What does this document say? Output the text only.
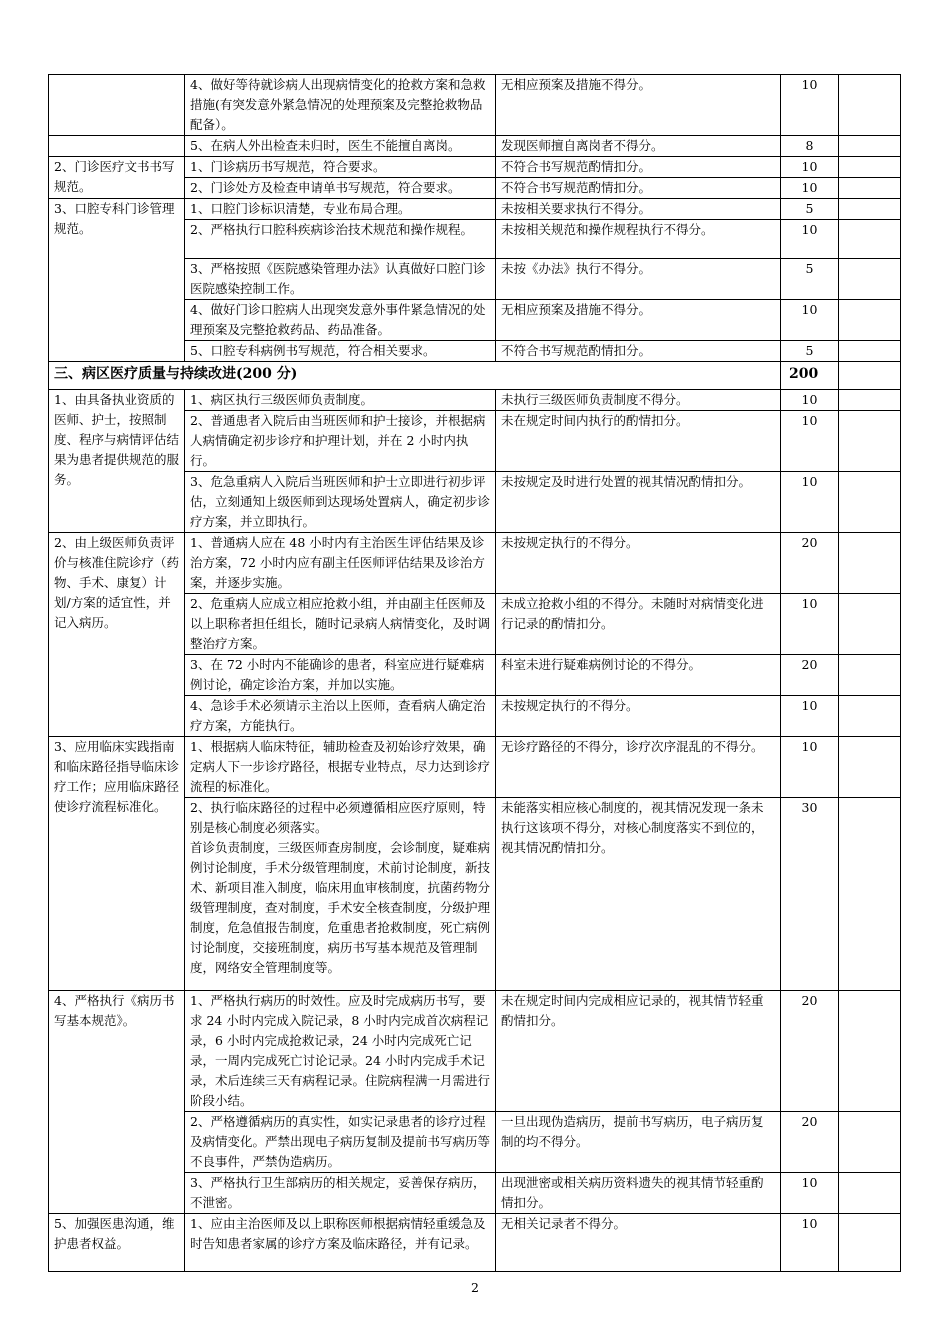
	4、做好等待就诊病人出现病情变化的抢救方案和急救措施(有突发意外紧急情况的处理预案及完整抢救物品配备）。	无相应预案及措施不得分。	10	
	5、在病人外出检查未归时，医生不能擅自离岗。	发现医师擅自离岗者不得分。	8	
2、门诊医疗文书书写规范。	1、门诊病历书写规范，符合要求。	不符合书写规范酌情扣分。	10	
	2、门诊处方及检查申请单书写规范，符合要求。	不符合书写规范酌情扣分。	10	
3、口腔专科门诊管理规范。	1、口腔门诊标识清楚，专业布局合理。	未按相关要求执行不得分。	5	
	2、严格执行口腔科疾病诊治技术规范和操作规程。	未按相关规范和操作规程执行不得分。	10	
	3、严格按照《医院感染管理办法》认真做好口腔门诊医院感染控制工作。	未按《办法》执行不得分。	5	
	4、做好门诊口腔病人出现突发意外事件紧急情况的处理预案及完整抢救药品、药品准备。	无相应预案及措施不得分。	10	
	5、口腔专科病例书写规范，符合相关要求。	不符合书写规范酌情扣分。	5	
三、病区医疗质量与持续改进(200 分)			200	
1、由具备执业资质的医师、护士，按照制度、程序与病情评估结果为患者提供规范的服务。	1、病区执行三级医师负责制度。	未执行三级医师负责制度不得分。	10	
	2、普通患者入院后由当班医师和护士接诊，并根据病人病情确定初步诊疗和护理计划，并在 2 小时内执行。	未在规定时间内执行的酌情扣分。	10	
	3、危急重病人入院后当班医师和护士立即进行初步评估，立刻通知上级医师到达现场处置病人，确定初步诊疗方案，并立即执行。	未按规定及时进行处置的视其情况酌情扣分。	10	
2、由上级医师负责评价与核准住院诊疗（药物、手术、康复）计划/方案的适宜性，并记入病历。	1、普通病人应在 48 小时内有主治医生评估结果及诊治方案，72 小时内应有副主任医师评估结果及诊治方案，并逐步实施。	未按规定执行的不得分。	20	
	2、危重病人应成立相应抢救小组，并由副主任医师及以上职称者担任组长，随时记录病人病情变化，及时调整治疗方案。	未成立抢救小组的不得分。未随时对病情变化进行记录的酌情扣分。	10	
	3、在 72 小时内不能确诊的患者，科室应进行疑难病例讨论，确定诊治方案，并加以实施。	科室未进行疑难病例讨论的不得分。	20	
	4、急诊手术必须请示主治以上医师，查看病人确定治疗方案，方能执行。	未按规定执行的不得分。	10	
3、应用临床实践指南和临床路径指导临床诊疗工作；应用临床路径使诊疗流程标准化。	1、根据病人临床特征，辅助检查及初始诊疗效果，确定病人下一步诊疗路径，根据专业特点，尽力达到诊疗流程的标准化。	无诊疗路径的不得分，诊疗次序混乱的不得分。	10	
	2、执行临床路径的过程中必须遵循相应医疗原则，特别是核心制度必须落实。
首诊负责制度，三级医师查房制度，会诊制度，疑难病例讨论制度，手术分级管理制度，术前讨论制度，新技术、新项目准入制度，临床用血审核制度，抗菌药物分级管理制度，查对制度，手术安全核查制度，分级护理制度，危急值报告制度，危重患者抢救制度，死亡病例讨论制度，交接班制度，病历书写基本规范及管理制度，网络安全管理制度等。	未能落实相应核心制度的，视其情况发现一条未执行这该项不得分，对核心制度落实不到位的，视其情况酌情扣分。	30	
4、严格执行《病历书写基本规范》。	1、严格执行病历的时效性。应及时完成病历书写，要求 24 小时内完成入院记录，8 小时内完成首次病程记录，6 小时内完成抢救记录，24 小时内完成死亡记录，一周内完成死亡讨论记录。24 小时内完成手术记录，术后连续三天有病程记录。住院病程满一月需进行阶段小结。	未在规定时间内完成相应记录的，视其情节轻重酌情扣分。	20	
	2、严格遵循病历的真实性，如实记录患者的诊疗过程及病情变化。严禁出现电子病历复制及提前书写病历等不良事件，严禁伪造病历。	一旦出现伪造病历，提前书写病历，电子病历复制的均不得分。	20	
	3、严格执行卫生部病历的相关规定，妥善保存病历，不泄密。	出现泄密或相关病历资料遗失的视其情节轻重酌情扣分。	10	
5、加强医患沟通，维护患者权益。	1、应由主治医师及以上职称医师根据病情轻重缓急及时告知患者家属的诊疗方案及临床路径，并有记录。	无相关记录者不得分。	10	
2
